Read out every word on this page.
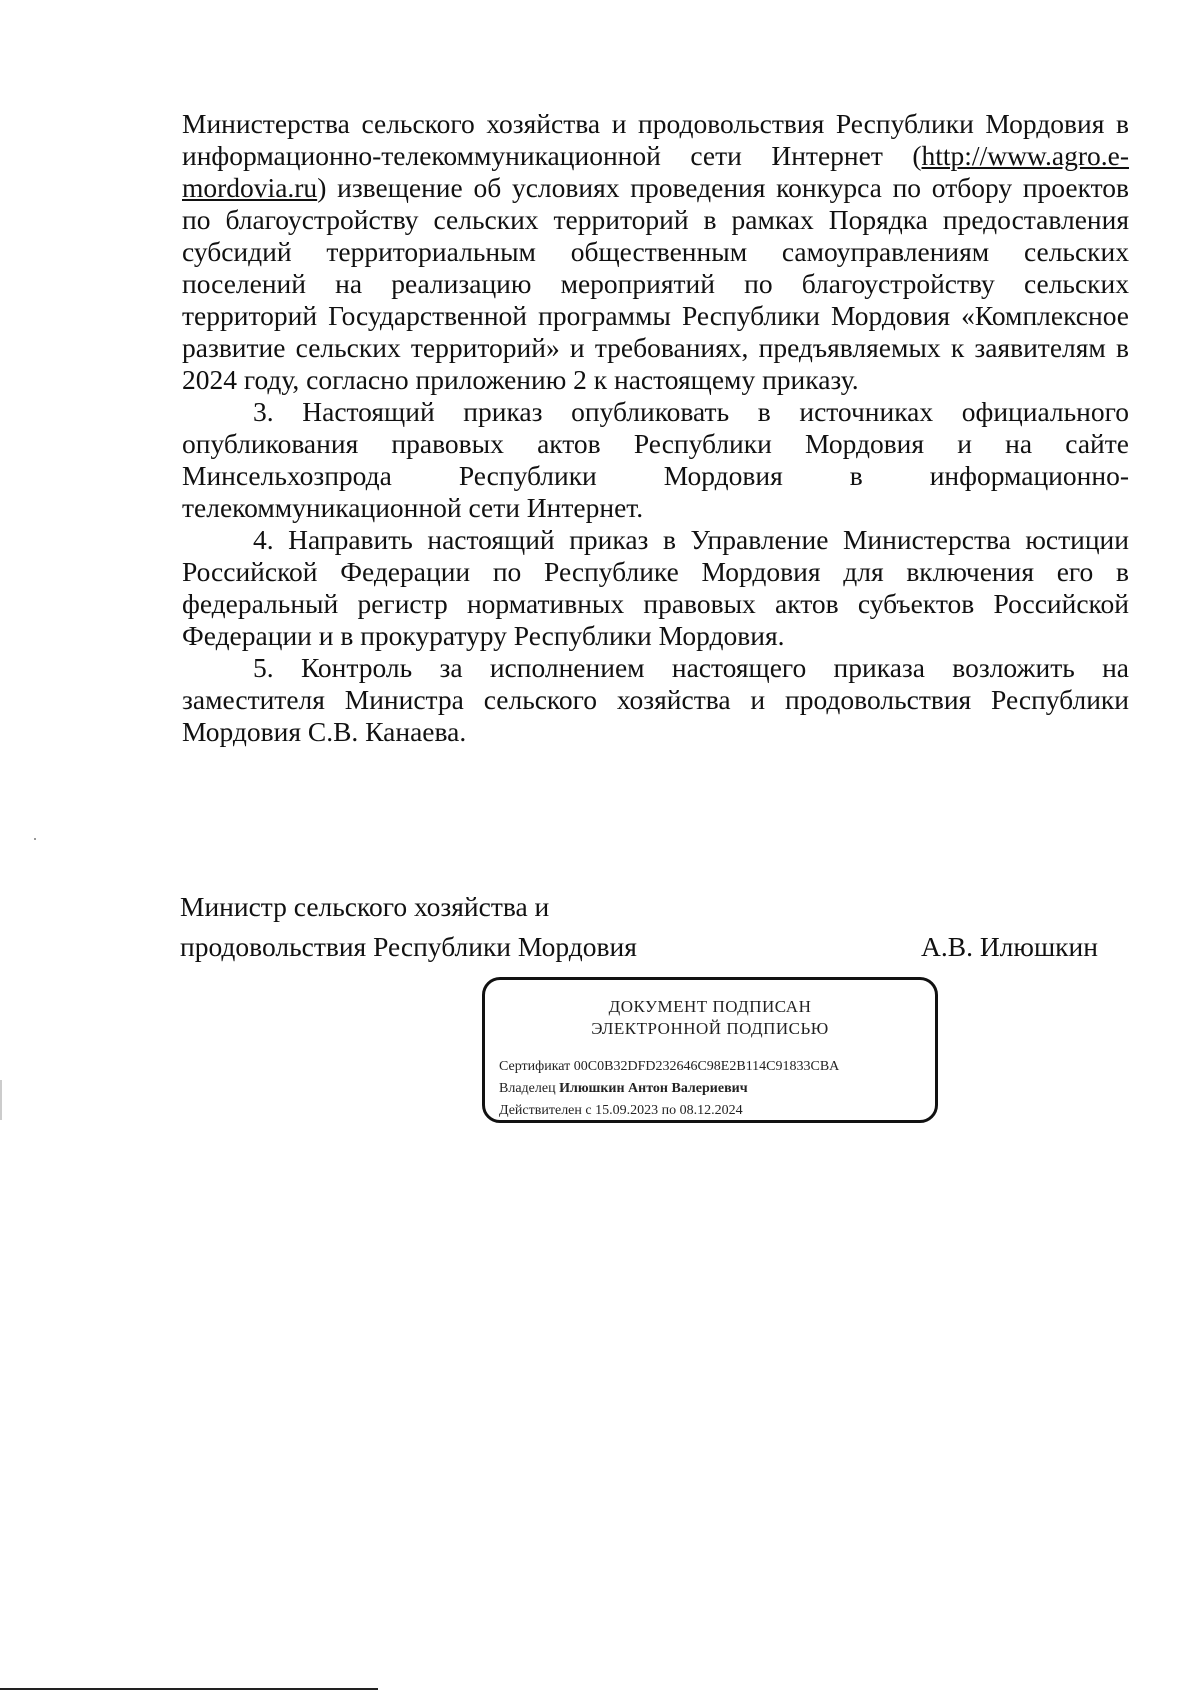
Министерства сельского хозяйства и продовольствия Республики Мордовия в информационно-телекоммуникационной сети Интернет (http://www.agro.e-mordovia.ru) извещение об условиях проведения конкурса по отбору проектов по благоустройству сельских территорий в рамках Порядка предоставления субсидий территориальным общественным самоуправлениям сельских поселений на реализацию мероприятий по благоустройству сельских территорий Государственной программы Республики Мордовия «Комплексное развитие сельских территорий» и требованиях, предъявляемых к заявителям в 2024 году, согласно приложению 2 к настоящему приказу.

3. Настоящий приказ опубликовать в источниках официального опубликования правовых актов Республики Мордовия и на сайте Минсельхозпрода Республики Мордовия в информационно-телекоммуникационной сети Интернет.

4. Направить настоящий приказ в Управление Министерства юстиции Российской Федерации по Республике Мордовия для включения его в федеральный регистр нормативных правовых актов субъектов Российской Федерации и в прокуратуру Республики Мордовия.

5. Контроль за исполнением настоящего приказа возложить на заместителя Министра сельского хозяйства и продовольствия Республики Мордовия С.В. Канаева.

Министр сельского хозяйства и
продовольствия Республики Мордовия	А.В. Илюшкин
ДОКУМЕНТ ПОДПИСАН
ЭЛЕКТРОННОЙ ПОДПИСЬЮ
Сертификат 00C0B32DFD232646C98E2B114C91833CBA
Владелец Илюшкин Антон Валериевич
Действителен с 15.09.2023 по 08.12.2024
